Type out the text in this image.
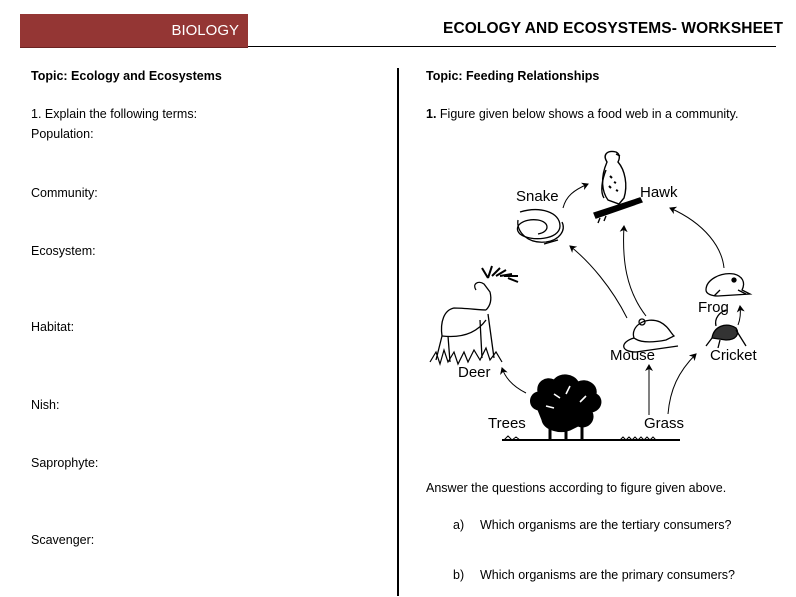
BIOLOGY	ECOLOGY AND ECOSYSTEMS- WORKSHEET
Topic: Ecology and Ecosystems
1. Explain the following terms:
Population:
Community:
Ecosystem:
Habitat:
Nish:
Saprophyte:
Scavenger:
Topic: Feeding Relationships
1. Figure given below shows a food web in a community.
Hawk
Snake
Deer
Mouse
Frog
Cricket
Trees	Grass
Answer the questions according to figure given above.
a) Which organisms are the tertiary consumers?
b) Which organisms are the primary consumers?
